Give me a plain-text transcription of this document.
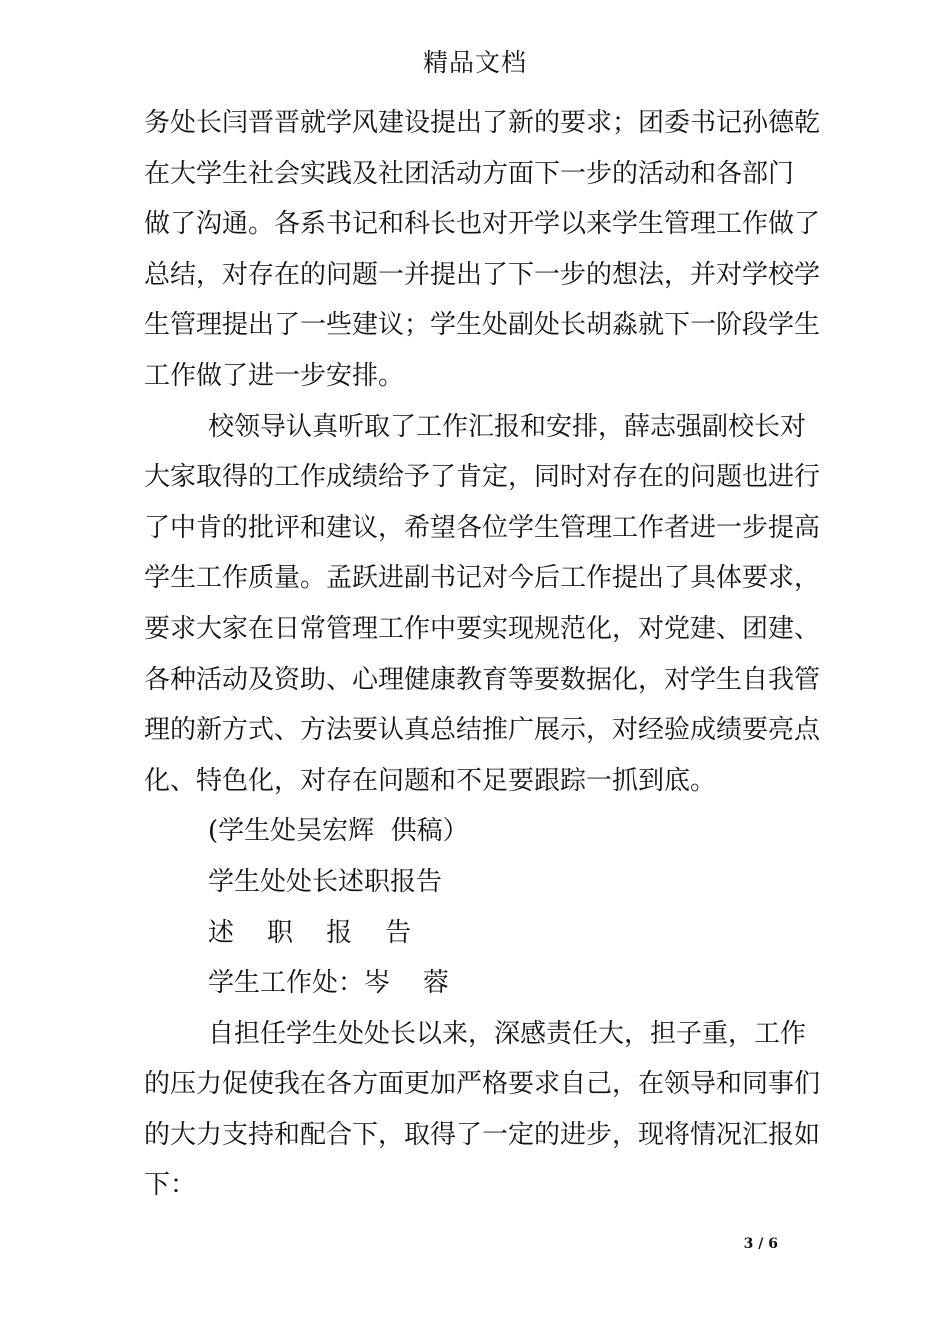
精品文档
务处长闫晋晋就学风建设提出了新的要求；团委书记孙德乾
在大学生社会实践及社团活动方面下一步的活动和各部门
做了沟通。各系书记和科长也对开学以来学生管理工作做了
总结，对存在的问题一并提出了下一步的想法，并对学校学
生管理提出了一些建议；学生处副处长胡淼就下一阶段学生
工作做了进一步安排。
校领导认真听取了工作汇报和安排，薛志强副校长对
大家取得的工作成绩给予了肯定，同时对存在的问题也进行
了中肯的批评和建议，希望各位学生管理工作者进一步提高
学生工作质量。孟跃进副书记对今后工作提出了具体要求，
要求大家在日常管理工作中要实现规范化，对党建、团建、
各种活动及资助、心理健康教育等要数据化，对学生自我管
理的新方式、方法要认真总结推广展示，对经验成绩要亮点
化、特色化，对存在问题和不足要跟踪一抓到底。
(学生处吴宏辉  供稿）
学生处处长述职报告
述    职    报    告
学生工作处：岑    蓉
自担任学生处处长以来，深感责任大，担子重，工作
的压力促使我在各方面更加严格要求自己，在领导和同事们
的大力支持和配合下，取得了一定的进步，现将情况汇报如
下：
3 / 6
